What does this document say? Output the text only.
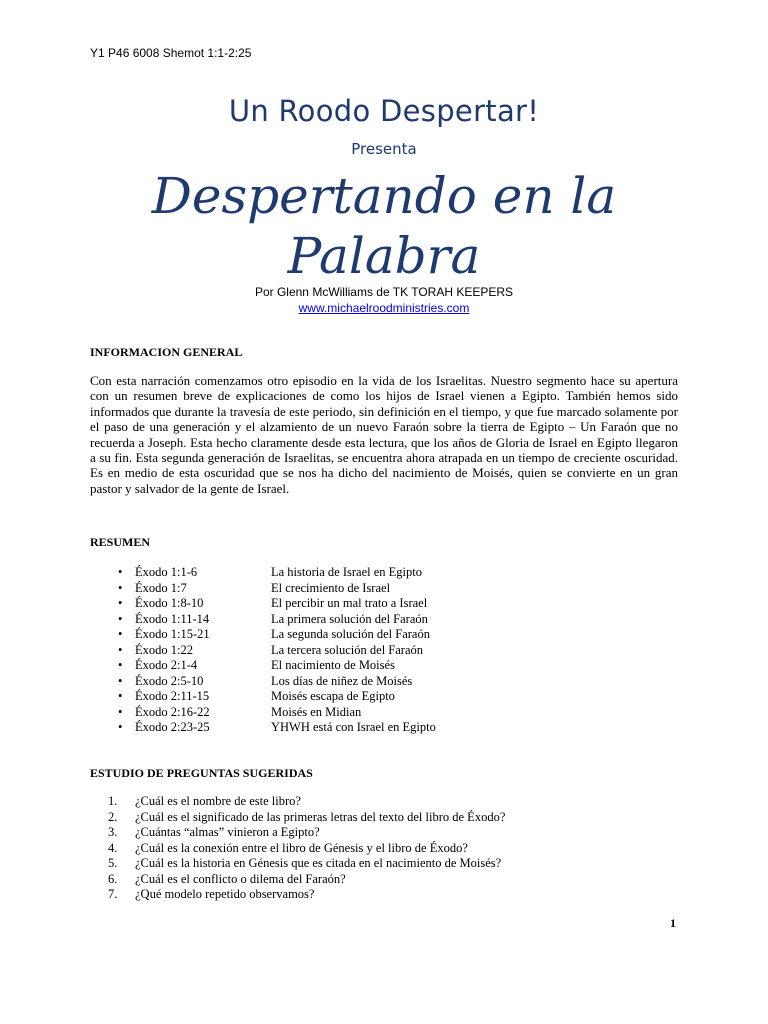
Y1 P46 6008 Shemot 1:1-2:25
Un Roodo Despertar!
Presenta
Despertando en la
Palabra
Por Glenn McWilliams de TK TORAH KEEPERS
www.michaelroodministries.com
INFORMACION GENERAL

Con esta narración comenzamos otro episodio en la vida de los Israelitas. Nuestro segmento hace su apertura con un resumen breve de explicaciones de como los hijos de Israel vienen a Egipto. También hemos sido informados que durante la travesía de este periodo, sin definición en el tiempo, y que fue marcado solamente por el paso de una generación y el alzamiento de un nuevo Faraón sobre la tierra de Egipto – Un Faraón que no recuerda a Joseph. Esta hecho claramente desde esta lectura, que los años de Gloria de Israel en Egipto llegaron a su fin. Esta segunda generación de Israelitas, se encuentra ahora atrapada en un tiempo de creciente oscuridad. Es en medio de esta oscuridad que se nos ha dicho del nacimiento de Moisés, quien se convierte en un gran pastor y salvador de la gente de Israel.

RESUMEN
•	Éxodo 1:1-6	La historia de Israel en Egipto
•	Éxodo 1:7	El crecimiento de Israel
•	Éxodo 1:8-10	El percibir un mal trato a Israel
•	Éxodo 1:11-14	La primera solución del Faraón
•	Éxodo 1:15-21	La segunda solución del Faraón
•	Éxodo 1:22	La tercera solución del Faraón
•	Éxodo 2:1-4	El nacimiento de Moisés
•	Éxodo 2:5-10	Los días de niñez de Moisés
•	Éxodo 2:11-15	Moisés escapa de Egipto
•	Éxodo 2:16-22	Moisés en Midian
•	Éxodo 2:23-25	YHWH está con Israel en Egipto
ESTUDIO DE PREGUNTAS SUGERIDAS
1.	¿Cuál es el nombre de este libro?
2.	¿Cuál es el significado de las primeras letras del texto del libro de Éxodo?
3.	¿Cuántas “almas” vinieron a Egipto?
4.	¿Cuál es la conexión entre el libro de Génesis y el libro de Éxodo?
5.	¿Cuál es la historia en Génesis que es citada en el nacimiento de Moisés?
6.	¿Cuál es el conflicto o dilema del Faraón?
7.	¿Qué modelo repetido observamos?
1
